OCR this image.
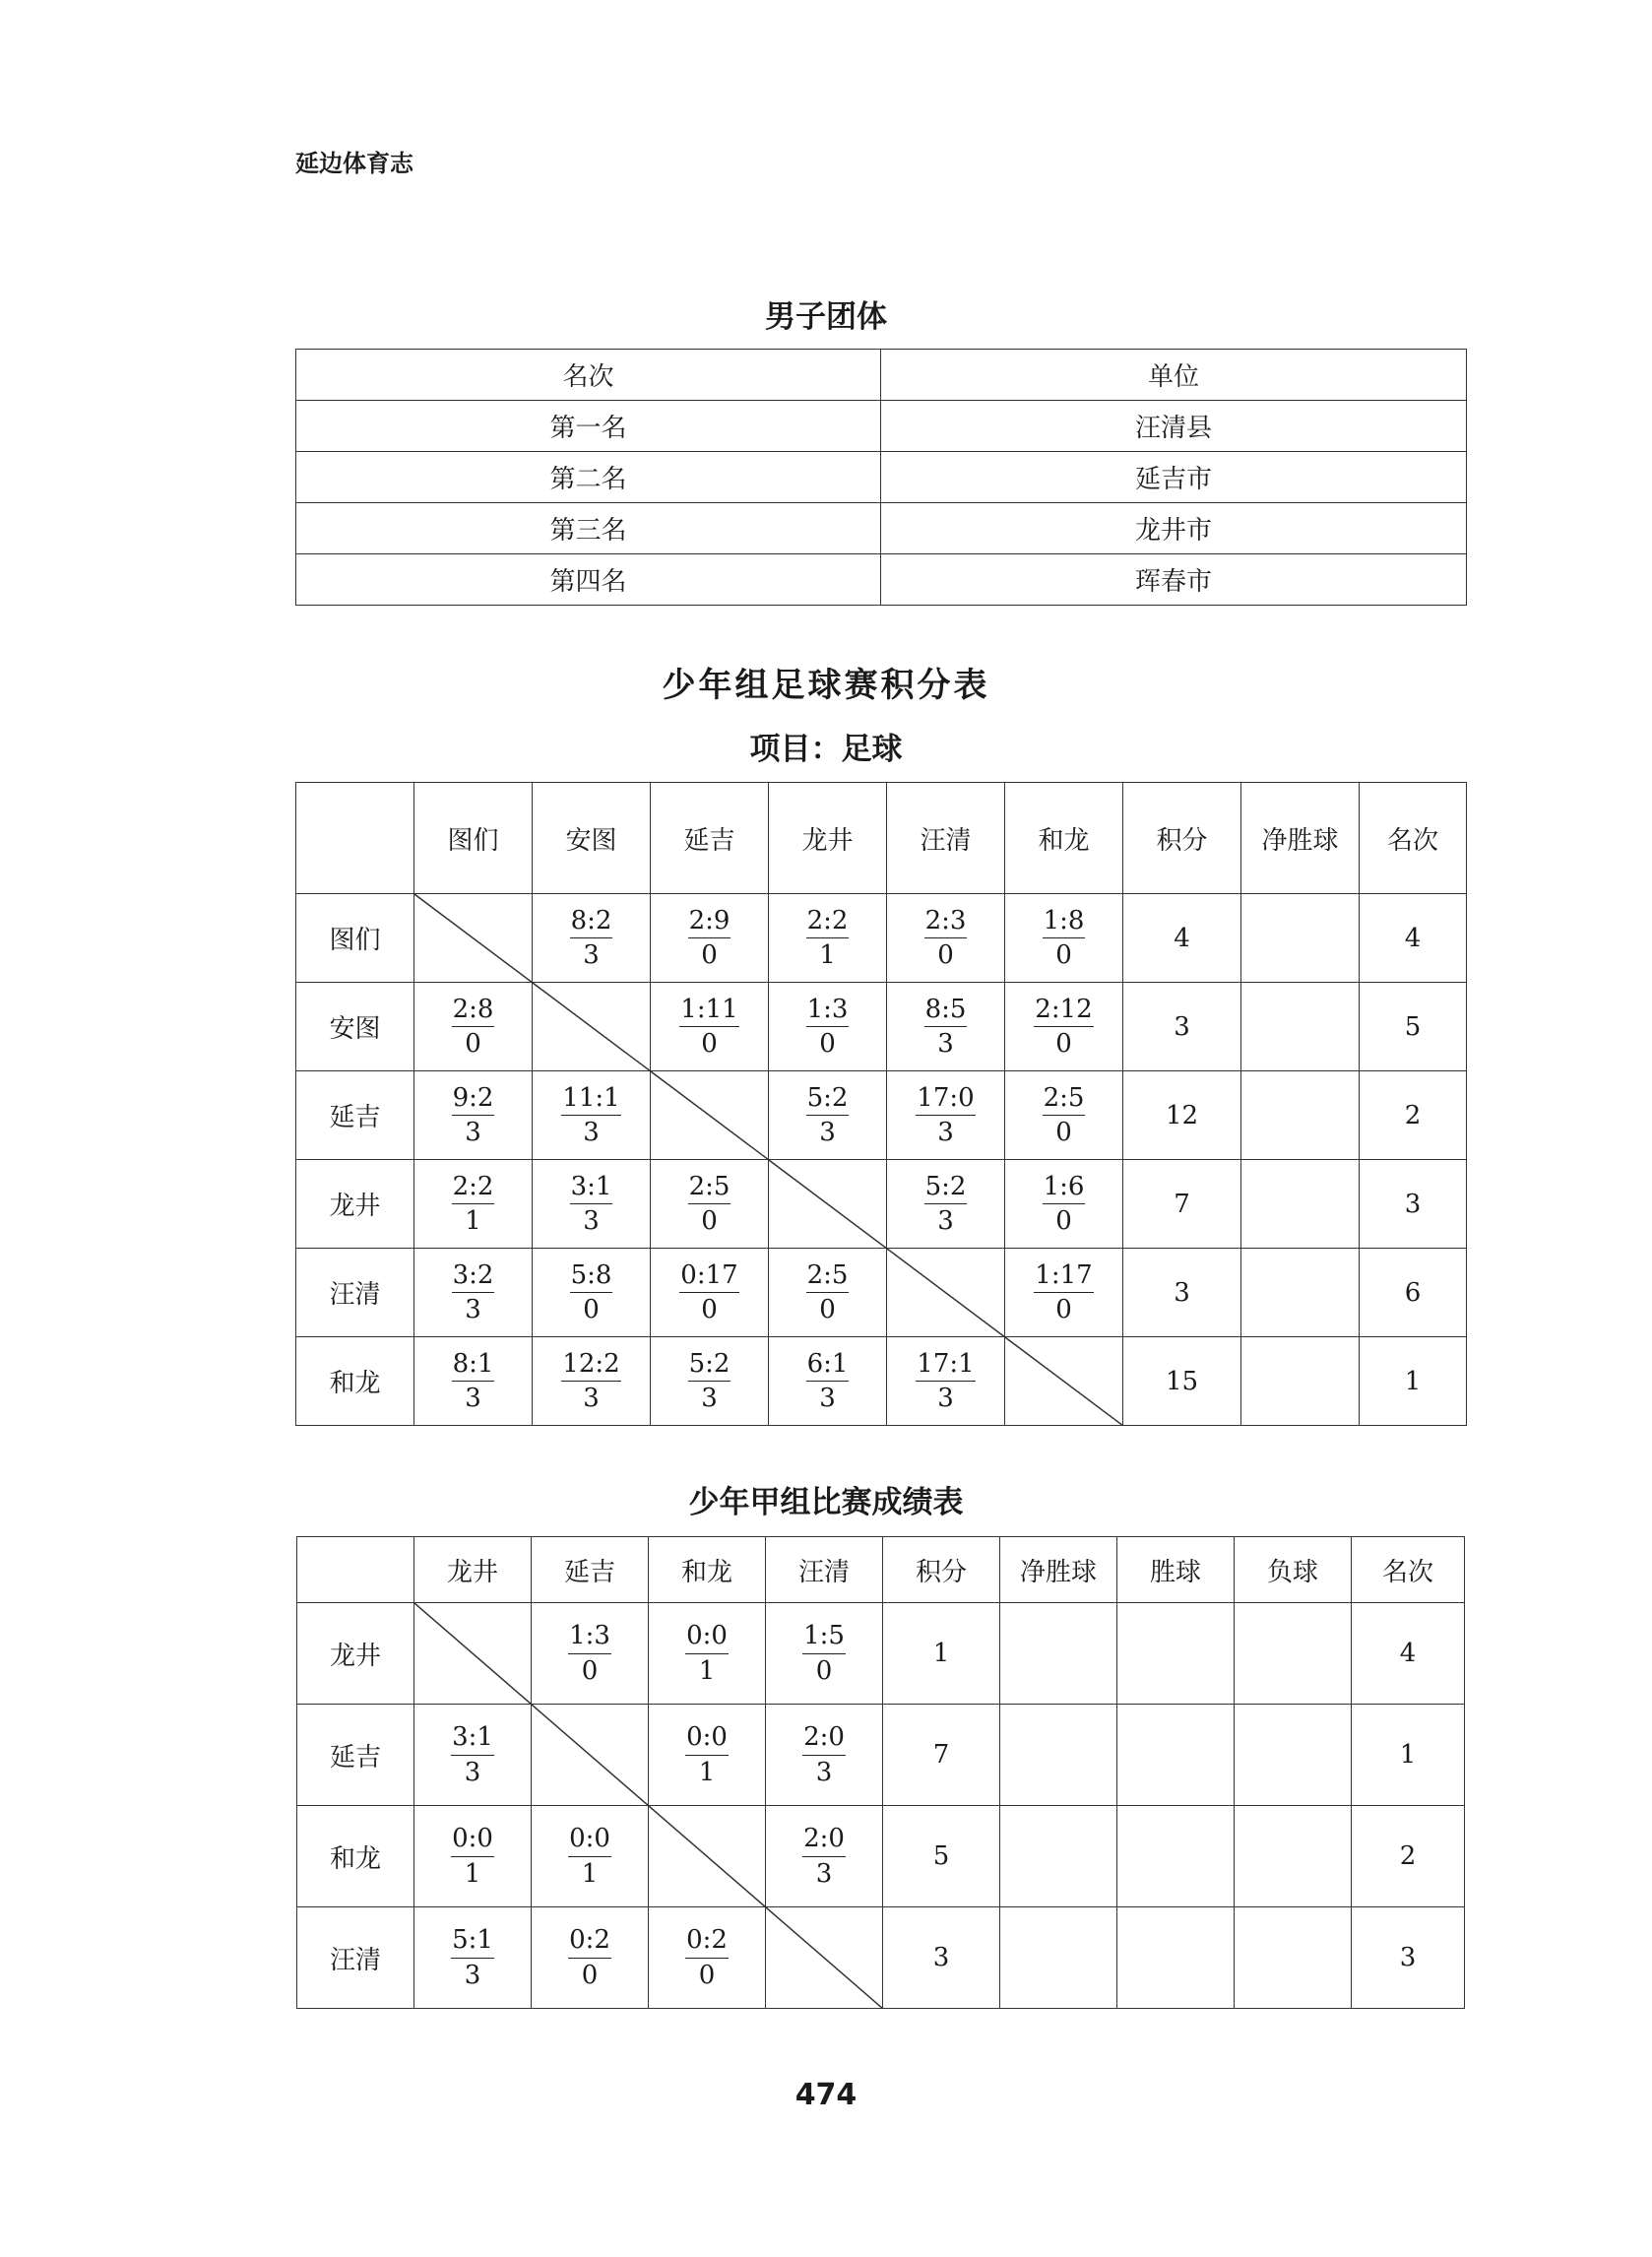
延边体育志
男子团体
名次	单位
第一名	汪清县
第二名	延吉市
第三名	龙井市
第四名	珲春市
少年组足球赛积分表
项目：足球
	图们	安图	延吉	龙井	汪清	和龙	积分	净胜球	名次
图们		$\frac{8:2}{3}$	$\frac{2:9}{0}$	$\frac{2:2}{1}$	$\frac{2:3}{0}$	$\frac{1:8}{0}$	4		4
安图	$\frac{2:8}{0}$		$\frac{1:11}{0}$	$\frac{1:3}{0}$	$\frac{8:5}{3}$	$\frac{2:12}{0}$	3		5
延吉	$\frac{9:2}{3}$	$\frac{11:1}{3}$		$\frac{5:2}{3}$	$\frac{17:0}{3}$	$\frac{2:5}{0}$	12		2
龙井	$\frac{2:2}{1}$	$\frac{3:1}{3}$	$\frac{2:5}{0}$		$\frac{5:2}{3}$	$\frac{1:6}{0}$	7		3
汪清	$\frac{3:2}{3}$	$\frac{5:8}{0}$	$\frac{0:17}{0}$	$\frac{2:5}{0}$		$\frac{1:17}{0}$	3		6
和龙	$\frac{8:1}{3}$	$\frac{12:2}{3}$	$\frac{5:2}{3}$	$\frac{6:1}{3}$	$\frac{17:1}{3}$		15		1
少年甲组比赛成绩表
	龙井	延吉	和龙	汪清	积分	净胜球	胜球	负球	名次
龙井		$\frac{1:3}{0}$	$\frac{0:0}{1}$	$\frac{1:5}{0}$	1				4
延吉	$\frac{3:1}{3}$		$\frac{0:0}{1}$	$\frac{2:0}{3}$	7				1
和龙	$\frac{0:0}{1}$	$\frac{0:0}{1}$		$\frac{2:0}{3}$	5				2
汪清	$\frac{5:1}{3}$	$\frac{0:2}{0}$	$\frac{0:2}{0}$		3				3
474
